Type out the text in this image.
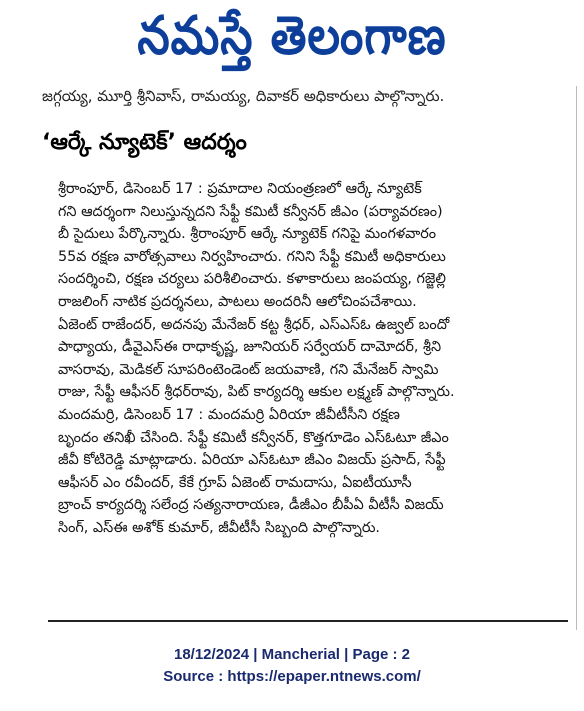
నమస్తే తెలంగాణ
జగ్గయ్య, మూర్తి శ్రీనివాస్, రామయ్య, దివాకర్ అధికారులు పాల్గొన్నారు.
‘ఆర్కే న్యూటెక్’ ఆదర్శం
శ్రీరాంపూర్, డిసెంబర్ 17 : ప్రమాదాల నియంత్రణలో ఆర్కే న్యూటెక్
గని ఆదర్శంగా నిలుస్తున్నదని సేఫ్టీ కమిటీ కన్వీనర్ జీఎం (పర్యావరణం)
బీ సైదులు పేర్కొన్నారు. శ్రీరాంపూర్ ఆర్కే న్యూటెక్ గనిపై మంగళవారం
55వ రక్షణ వారోత్సవాలు నిర్వహించారు. గనిని సేఫ్టీ కమిటీ అధికారులు
సందర్శించి, రక్షణ చర్యలు పరిశీలించారు. కళాకారులు జంపయ్య, గజ్జెల్లి
రాజలింగ్ నాటిక ప్రదర్శనలు, పాటలు అందరినీ ఆలోచింపచేశాయి.
ఏజెంట్ రాజేందర్, అదనపు మేనేజర్ కట్ట శ్రీధర్, ఎస్ఎస్ఓ ఉజ్వల్ బందో
పాధ్యాయ, డీవైఎస్ఈ రాధాకృష్ణ, జూనియర్ సర్వేయర్ దామోదర్, శ్రీని
వాసరావు, మెడికల్ సూపరింటెండెంట్ జయవాణి, గని మేనేజర్ స్వామి
రాజు, సేఫ్టీ ఆఫీసర్ శ్రీధర్‌రావు, పిట్ కార్యదర్శి ఆకుల లక్ష్మణ్ పాల్గొన్నారు.
మందమర్రి, డిసెంబర్ 17 : మందమర్రి ఏరియా జీవీటీసీని రక్షణ
బృందం తనిఖీ చేసింది. సేఫ్టీ కమిటీ కన్వీనర్, కొత్తగూడెం ఎస్ఓటూ జీఎం
జీవీ కోటిరెడ్డి మాట్లాడారు. ఏరియా ఎస్ఓటూ జీఎం విజయ్ ప్రసాద్, సేఫ్టీ
ఆఫీసర్ ఎం రవీందర్, కేకే గ్రూప్ ఏజెంట్ రామదాసు, ఏఐటీయూసీ
బ్రాంచ్ కార్యదర్శి సలేంద్ర సత్యనారాయణ, డీజీఎం బీపీఏ వీటీసీ విజయ్
సింగ్, ఎస్ఈ అశోక్ కుమార్, జీవీటీసీ సిబ్బంది పాల్గొన్నారు.
18/12/2024 | Mancherial | Page : 2
Source : https://epaper.ntnews.com/
